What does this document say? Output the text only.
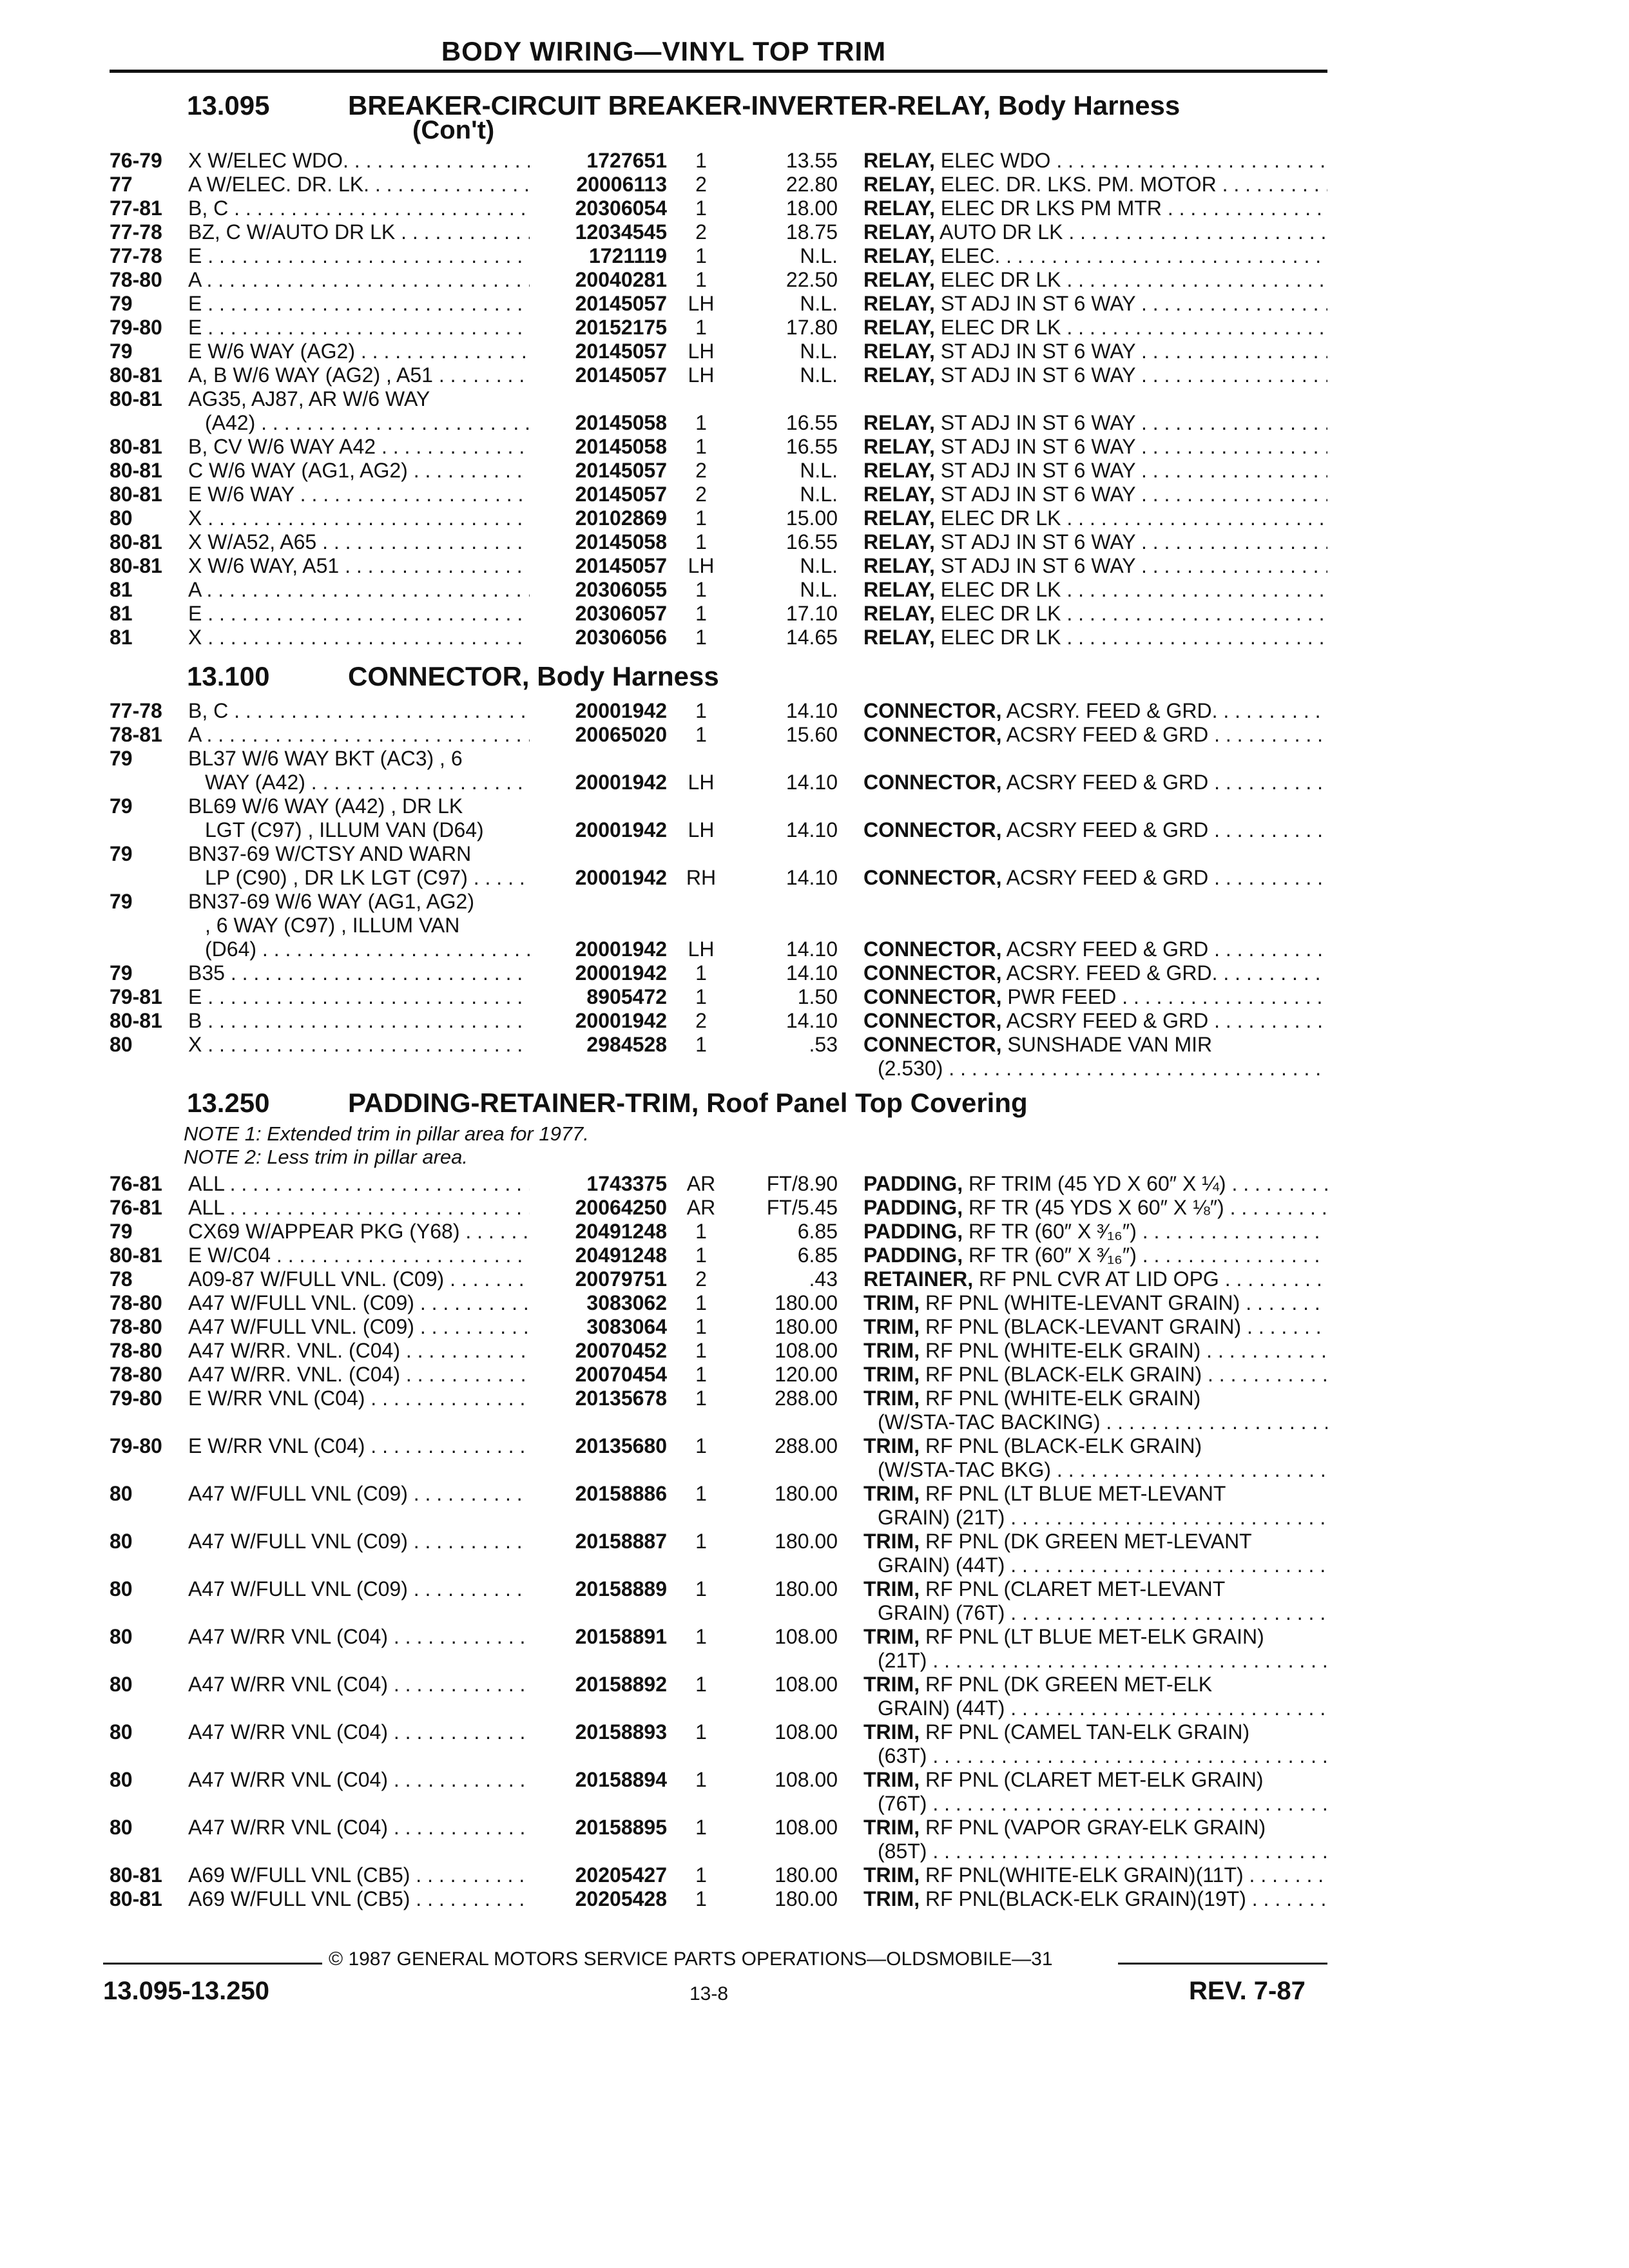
BODY WIRING—VINYL TOP TRIM
13.095	BREAKER-CIRCUIT BREAKER-INVERTER-RELAY, Body Harness
(Con't)
76-79 X W/ELEC WDO. . . .	1727651	1	13.55 RELAY, ELEC WDO . . .
77	A W/ELEC. DR. LK. . . .	20006113	2	22.80 RELAY, ELEC. DR. LKS. PM. MOTOR . . .
77-81 B, C . . .	20306054	1	18.00 RELAY, ELEC DR LKS PM MTR . . .
77-78 BZ, C W/AUTO DR LK . . .	12034545	2	18.75 RELAY, AUTO DR LK . . .
77-78 E . . .	1721119	1	N.L. RELAY, ELEC. . . .
78-80 A . . .	20040281	1	22.50 RELAY, ELEC DR LK . . .
79	E . . .	20145057 LH	N.L. RELAY, ST ADJ IN ST 6 WAY . . .
79-80 E . . .	20152175	1	17.80 RELAY, ELEC DR LK . . .
79	E W/6 WAY (AG2) . . .	20145057 LH	N.L. RELAY, ST ADJ IN ST 6 WAY . . .
80-81 A, B W/6 WAY (AG2) , A51 . . .	20145057 LH	N.L. RELAY, ST ADJ IN ST 6 WAY . . .
80-81 AG35, AJ87, AR W/6 WAY
(A42) . . .	20145058	1	16.55 RELAY, ST ADJ IN ST 6 WAY . . .
80-81 B, CV W/6 WAY A42 . . .	20145058	1	16.55 RELAY, ST ADJ IN ST 6 WAY . . .
80-81 C W/6 WAY (AG1, AG2) . . .	20145057	2	N.L. RELAY, ST ADJ IN ST 6 WAY . . .
80-81 E W/6 WAY . . .	20145057	2	N.L. RELAY, ST ADJ IN ST 6 WAY . . .
80	X . . .	20102869	1	15.00 RELAY, ELEC DR LK . . .
80-81 X W/A52, A65 . . .	20145058	1	16.55 RELAY, ST ADJ IN ST 6 WAY . . .
80-81 X W/6 WAY, A51 . . .	20145057 LH	N.L. RELAY, ST ADJ IN ST 6 WAY . . .
81	A . . .	20306055	1	N.L. RELAY, ELEC DR LK . . .
81	E . . .	20306057	1	17.10 RELAY, ELEC DR LK . . .
81	X . . .	20306056	1	14.65 RELAY, ELEC DR LK . . .
13.100	CONNECTOR, Body Harness
77-78 B, C . . .	20001942	1	14.10 CONNECTOR, ACSRY. FEED & GRD. . . .
78-81 A . . .	20065020	1	15.60 CONNECTOR, ACSRY FEED & GRD . . .
79	BL37 W/6 WAY BKT (AC3) , 6
WAY (A42) . . .	20001942 LH	14.10 CONNECTOR, ACSRY FEED & GRD . . .
79	BL69 W/6 WAY (A42) , DR LK
LGT (C97) , ILLUM VAN (D64)	20001942 LH	14.10 CONNECTOR, ACSRY FEED & GRD . . .
79	BN37-69 W/CTSY AND WARN
LP (C90) , DR LK LGT (C97) . . .	20001942 RH	14.10 CONNECTOR, ACSRY FEED & GRD . . .
79	BN37-69 W/6 WAY (AG1, AG2)
, 6 WAY (C97) , ILLUM VAN
(D64) . . .	20001942 LH	14.10 CONNECTOR, ACSRY FEED & GRD . . .
79	B35 . . .	20001942	1	14.10 CONNECTOR, ACSRY. FEED & GRD. . . .
79-81 E . . .	8905472	1	1.50 CONNECTOR, PWR FEED . . .
80-81 B . . .	20001942	2	14.10 CONNECTOR, ACSRY FEED & GRD . . .
80	X . . .	2984528	1	.53 CONNECTOR, SUNSHADE VAN MIR
(2.530) . . .
13.250	PADDING-RETAINER-TRIM, Roof Panel Top Covering
NOTE 1: Extended trim in pillar area for 1977.
NOTE 2: Less trim in pillar area.
76-81 ALL . . .	1743375 AR	FT/8.90 PADDING, RF TRIM (45 YD X 60″ X ¼) . . .
76-81 ALL . . .	20064250 AR	FT/5.45 PADDING, RF TR (45 YDS X 60″ X ⅛″) . . .
79	CX69 W/APPEAR PKG (Y68) . . .	20491248	1	6.85 PADDING, RF TR (60″ X ³⁄₁₆″) . . .
80-81 E W/C04 . . .	20491248	1	6.85 PADDING, RF TR (60″ X ³⁄₁₆″) . . .
78	A09-87 W/FULL VNL. (C09) . . .	20079751	2	.43 RETAINER, RF PNL CVR AT LID OPG . . .
78-80 A47 W/FULL VNL. (C09) . . .	3083062	1	180.00 TRIM, RF PNL (WHITE-LEVANT GRAIN) . . .
78-80 A47 W/FULL VNL. (C09) . . .	3083064	1	180.00 TRIM, RF PNL (BLACK-LEVANT GRAIN) . . .
78-80 A47 W/RR. VNL. (C04) . . .	20070452	1	108.00 TRIM, RF PNL (WHITE-ELK GRAIN) . . .
78-80 A47 W/RR. VNL. (C04) . . .	20070454	1	120.00 TRIM, RF PNL (BLACK-ELK GRAIN) . . .
79-80 E W/RR VNL (C04) . . .	20135678	1	288.00 TRIM, RF PNL (WHITE-ELK GRAIN)
(W/STA-TAC BACKING) . . .
79-80 E W/RR VNL (C04) . . .	20135680	1	288.00 TRIM, RF PNL (BLACK-ELK GRAIN)
(W/STA-TAC BKG) . . .
80	A47 W/FULL VNL (C09) . . .	20158886	1	180.00 TRIM, RF PNL (LT BLUE MET-LEVANT
GRAIN) (21T) . . .
80	A47 W/FULL VNL (C09) . . .	20158887	1	180.00 TRIM, RF PNL (DK GREEN MET-LEVANT
GRAIN) (44T) . . .
80	A47 W/FULL VNL (C09) . . .	20158889	1	180.00 TRIM, RF PNL (CLARET MET-LEVANT
GRAIN) (76T) . . .
80	A47 W/RR VNL (C04) . . .	20158891	1	108.00 TRIM, RF PNL (LT BLUE MET-ELK GRAIN)
(21T) . . .
80	A47 W/RR VNL (C04) . . .	20158892	1	108.00 TRIM, RF PNL (DK GREEN MET-ELK
GRAIN) (44T) . . .
80	A47 W/RR VNL (C04) . . .	20158893	1	108.00 TRIM, RF PNL (CAMEL TAN-ELK GRAIN)
(63T) . . .
80	A47 W/RR VNL (C04) . . .	20158894	1	108.00 TRIM, RF PNL (CLARET MET-ELK GRAIN)
(76T) . . .
80	A47 W/RR VNL (C04) . . .	20158895	1	108.00 TRIM, RF PNL (VAPOR GRAY-ELK GRAIN)
(85T) . . .
80-81 A69 W/FULL VNL (CB5) . . .	20205427	1	180.00 TRIM, RF PNL(WHITE-ELK GRAIN)(11T) . . .
80-81 A69 W/FULL VNL (CB5) . . .	20205428	1	180.00 TRIM, RF PNL(BLACK-ELK GRAIN)(19T) . . .
© 1987 GENERAL MOTORS SERVICE PARTS OPERATIONS—OLDSMOBILE—31
13.095-13.250	13-8	REV. 7-87
